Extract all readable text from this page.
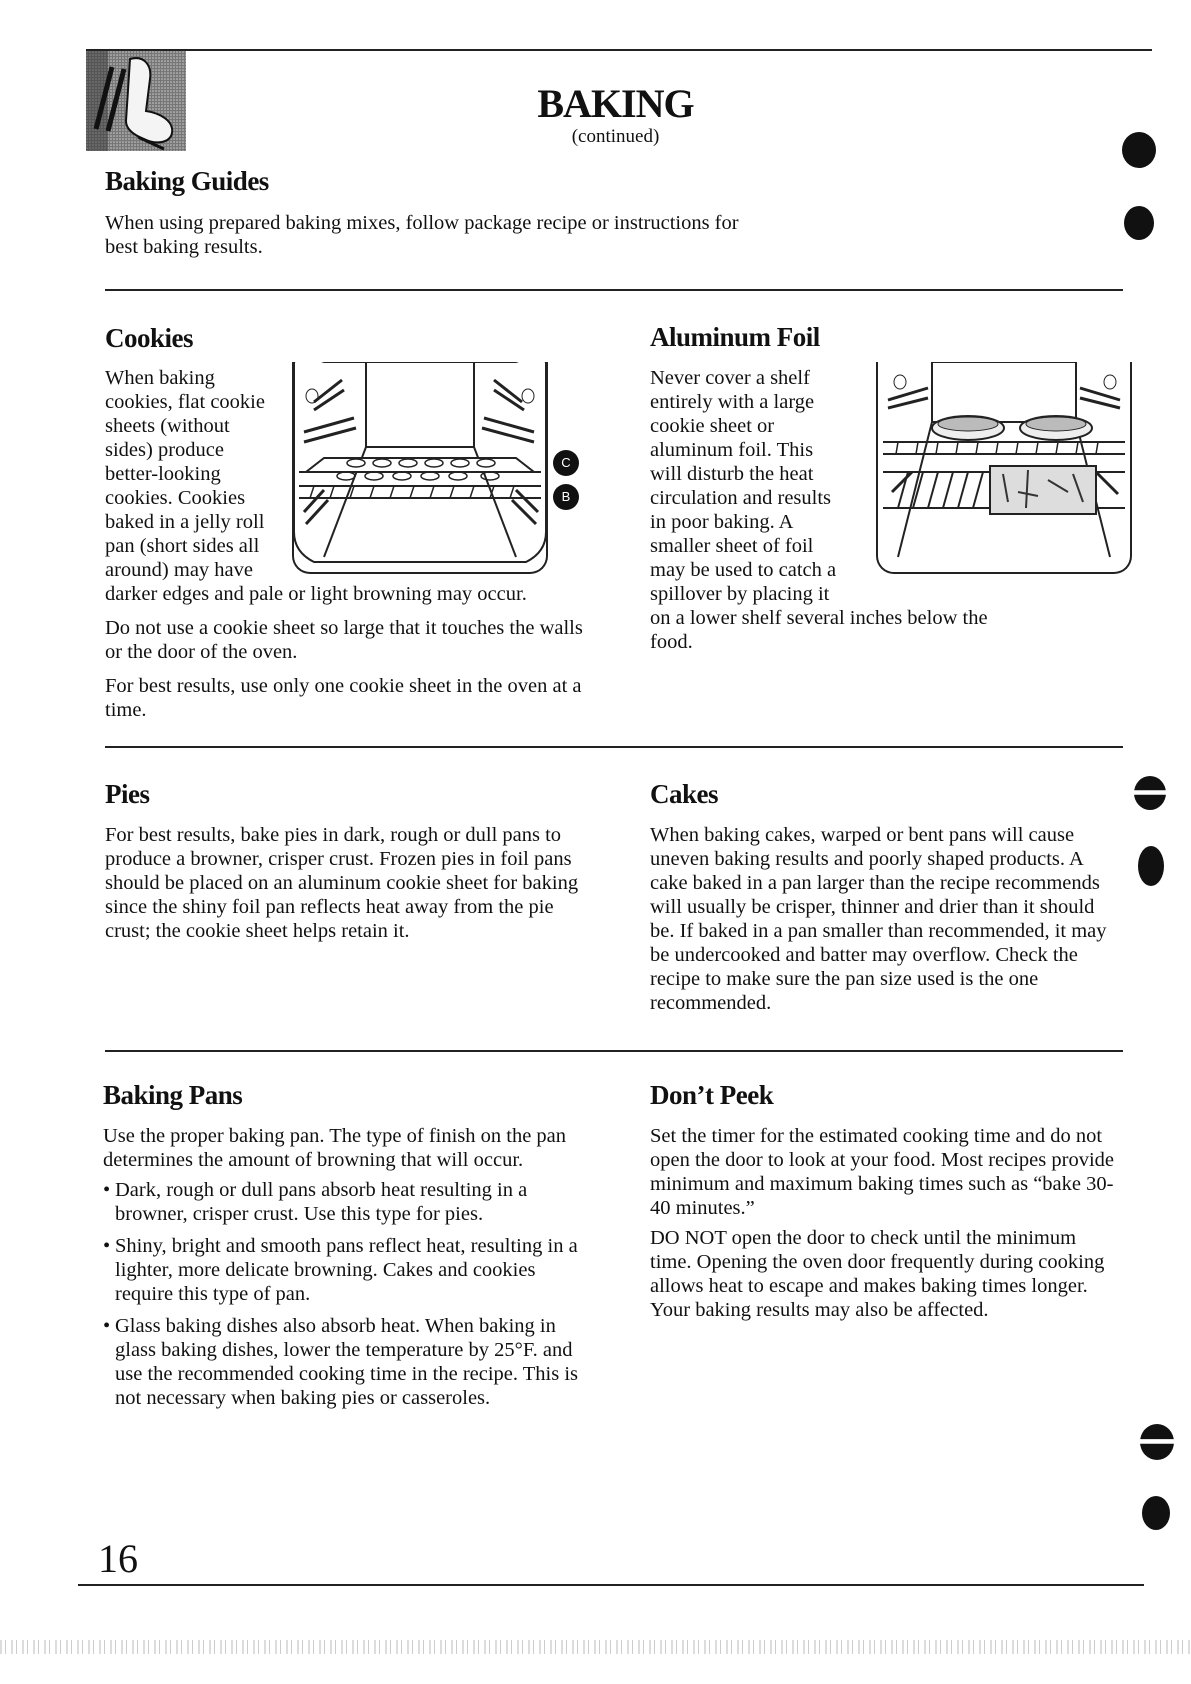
BAKING
(continued)
Baking Guides
When using prepared baking mixes, follow package recipe or instructions for best baking results.
Cookies
When baking
cookies, flat cookie
sheets (without
sides) produce
better-looking
cookies. Cookies
baked in a jelly roll
pan (short sides all
around) may have

darker edges and pale or light browning may occur.

Do not use a cookie sheet so large that it touches the walls or the door of the oven.

For best results, use only one cookie sheet in the oven at a time.

C
B
Aluminum Foil
Never cover a shelf
entirely with a large
cookie sheet or
aluminum foil. This
will disturb the heat
circulation and results
in poor baking. A
smaller sheet of foil
may be used to catch a
spillover by placing it
on a lower shelf several inches below the food.
Pies
For best results, bake pies in dark, rough or dull pans to produce a browner, crisper crust. Frozen pies in foil pans should be placed on an aluminum cookie sheet for baking since the shiny foil pan reflects heat away from the pie crust; the cookie sheet helps retain it.
Cakes
When baking cakes, warped or bent pans will cause uneven baking results and poorly shaped products. A cake baked in a pan larger than the recipe recommends will usually be crisper, thinner and drier than it should be. If baked in a pan smaller than recommended, it may be undercooked and batter may overflow. Check the recipe to make sure the pan size used is the one recommended.
Baking Pans

Use the proper baking pan. The type of finish on the pan determines the amount of browning that will occur.

• Dark, rough or dull pans absorb heat resulting in a browner, crisper crust. Use this type for pies.
• Shiny, bright and smooth pans reflect heat, resulting in a lighter, more delicate browning. Cakes and cookies require this type of pan.
• Glass baking dishes also absorb heat. When baking in glass baking dishes, lower the temperature by 25°F. and use the recommended cooking time in the recipe. This is not necessary when baking pies or casseroles.
Don’t Peek

Set the timer for the estimated cooking time and do not open the door to look at your food. Most recipes provide minimum and maximum baking times such as “bake 30-40 minutes.”

DO NOT open the door to check until the minimum time. Opening the oven door frequently during cooking allows heat to escape and makes baking times longer. Your baking results may also be affected.

16
